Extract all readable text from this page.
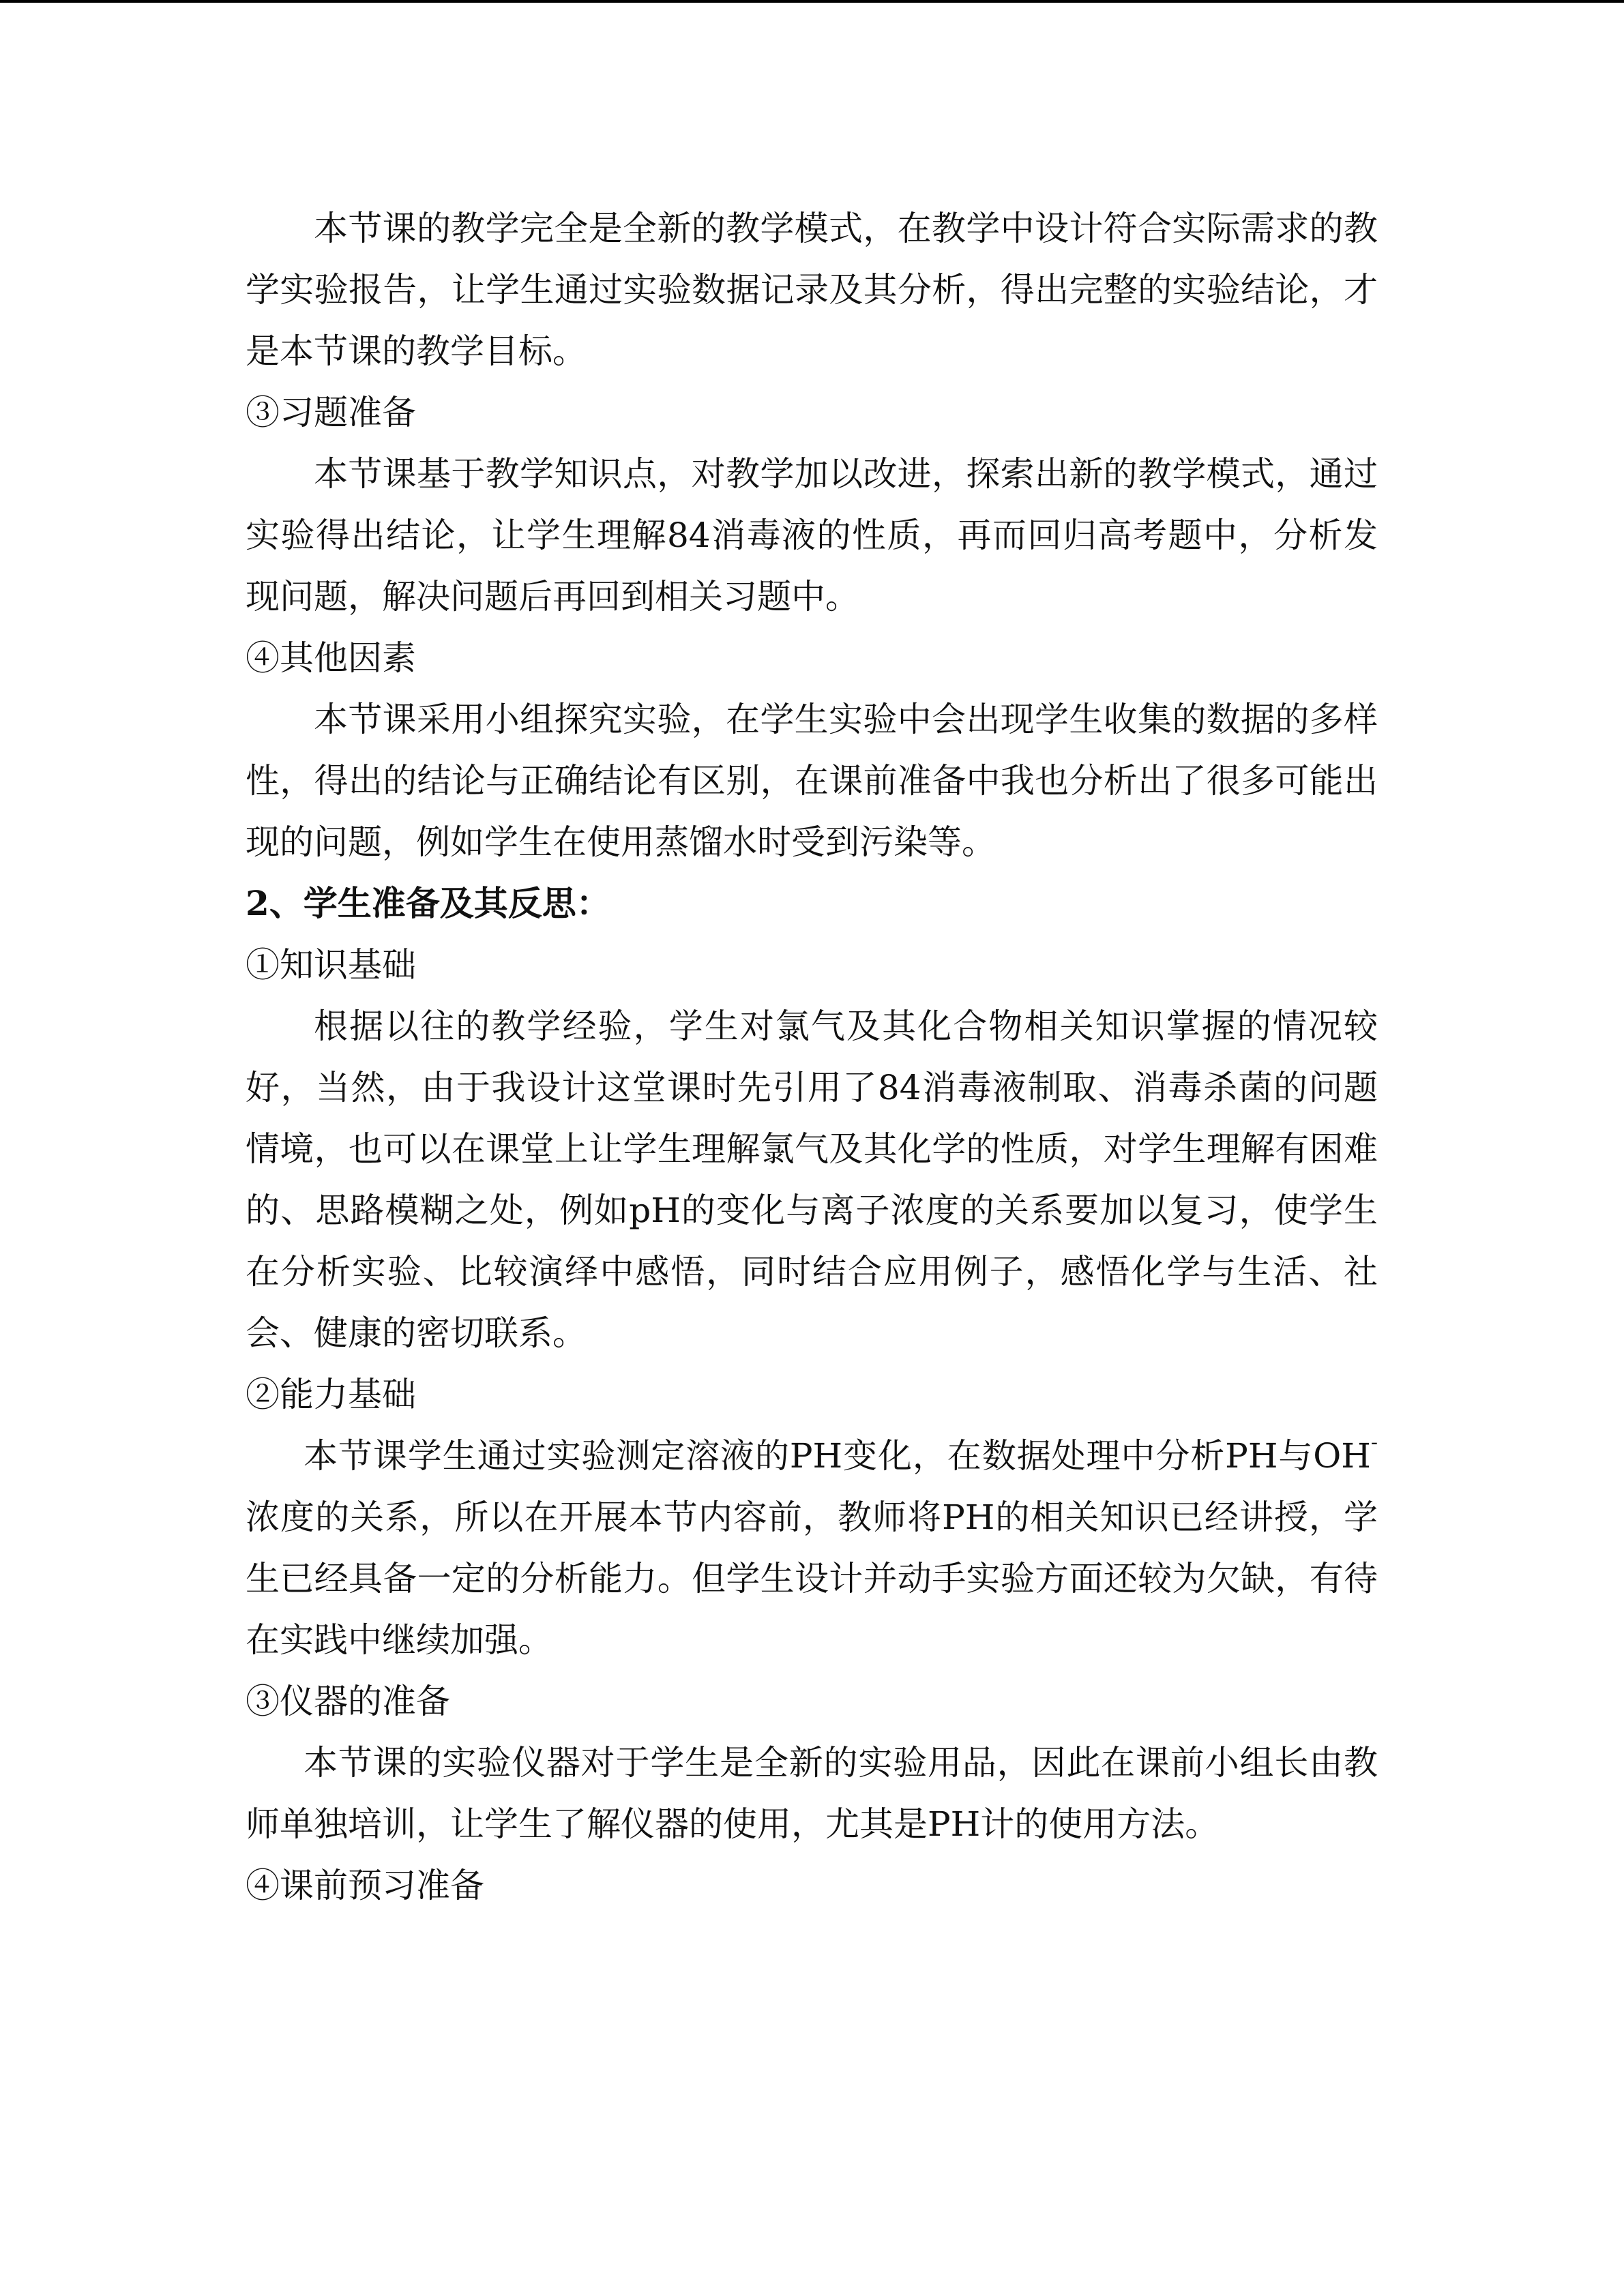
本节课的教学完全是全新的教学模式，在教学中设计符合实际需求的教学实验报告，让学生通过实验数据记录及其分析，得出完整的实验结论，才是本节课的教学目标。
③习题准备
本节课基于教学知识点，对教学加以改进，探索出新的教学模式，通过实验得出结论，让学生理解84消毒液的性质，再而回归高考题中，分析发现问题，解决问题后再回到相关习题中。
④其他因素
本节课采用小组探究实验，在学生实验中会出现学生收集的数据的多样性，得出的结论与正确结论有区别，在课前准备中我也分析出了很多可能出现的问题，例如学生在使用蒸馏水时受到污染等。
2、学生准备及其反思：
①知识基础
根据以往的教学经验，学生对氯气及其化合物相关知识掌握的情况较好，当然，由于我设计这堂课时先引用了84消毒液制取、消毒杀菌的问题情境，也可以在课堂上让学生理解氯气及其化学的性质，对学生理解有困难的、思路模糊之处，例如pH的变化与离子浓度的关系要加以复习，使学生在分析实验、比较演绎中感悟，同时结合应用例子，感悟化学与生活、社会、健康的密切联系。
②能力基础
本节课学生通过实验测定溶液的PH变化，在数据处理中分析PH与OH-浓度的关系，所以在开展本节内容前，教师将PH的相关知识已经讲授，学生已经具备一定的分析能力。但学生设计并动手实验方面还较为欠缺，有待在实践中继续加强。
③仪器的准备
本节课的实验仪器对于学生是全新的实验用品，因此在课前小组长由教师单独培训，让学生了解仪器的使用，尤其是PH计的使用方法。
④课前预习准备
